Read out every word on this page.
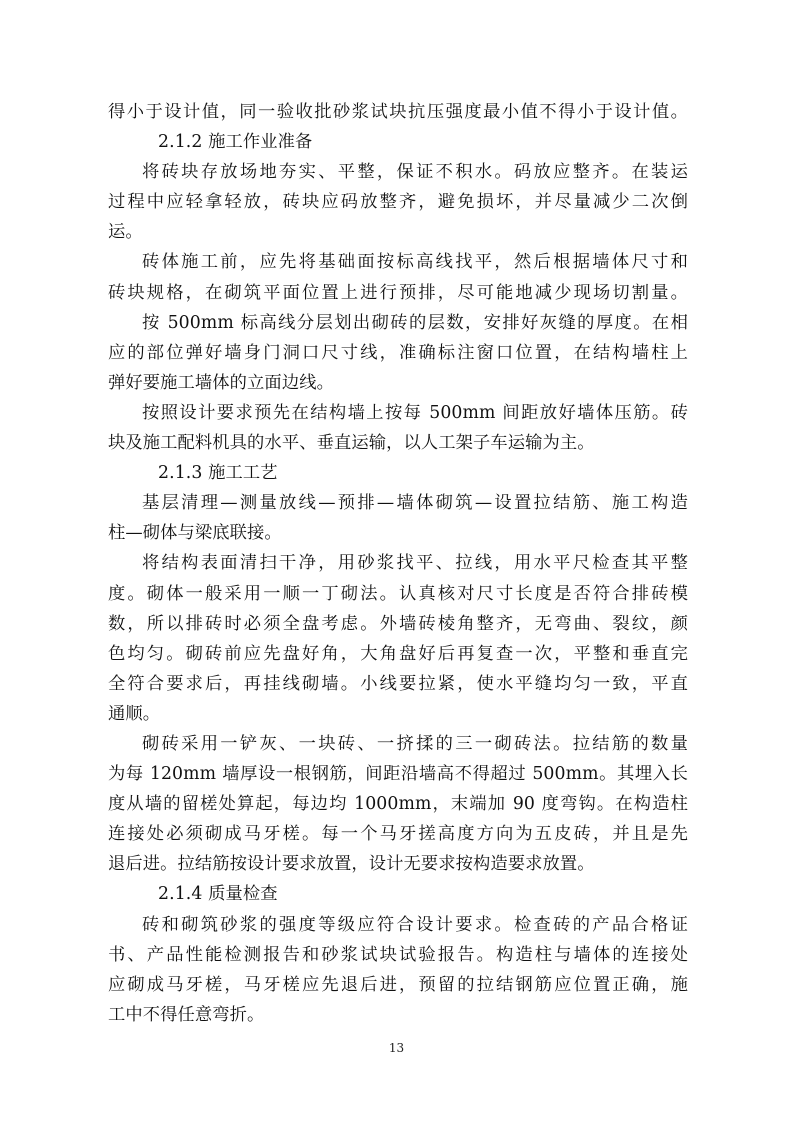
得小于设计值，同一验收批砂浆试块抗压强度最小值不得小于设计值。
2.1.2 施工作业准备
将砖块存放场地夯实、平整，保证不积水。码放应整齐。在装运
过程中应轻拿轻放，砖块应码放整齐，避免损坏，并尽量减少二次倒
运。
砖体施工前，应先将基础面按标高线找平，然后根据墙体尺寸和
砖块规格，在砌筑平面位置上进行预排，尽可能地减少现场切割量。
按 500mm 标高线分层划出砌砖的层数，安排好灰缝的厚度。在相
应的部位弹好墙身门洞口尺寸线，准确标注窗口位置，在结构墙柱上
弹好要施工墙体的立面边线。
按照设计要求预先在结构墙上按每 500mm 间距放好墙体压筋。砖
块及施工配料机具的水平、垂直运输，以人工架子车运输为主。
2.1.3 施工工艺
基层清理—测量放线—预排—墙体砌筑—设置拉结筋、施工构造
柱—砌体与梁底联接。
将结构表面清扫干净，用砂浆找平、拉线，用水平尺检查其平整
度。砌体一般采用一顺一丁砌法。认真核对尺寸长度是否符合排砖模
数，所以排砖时必须全盘考虑。外墙砖棱角整齐，无弯曲、裂纹，颜
色均匀。砌砖前应先盘好角，大角盘好后再复查一次，平整和垂直完
全符合要求后，再挂线砌墙。小线要拉紧，使水平缝均匀一致，平直
通顺。
砌砖采用一铲灰、一块砖、一挤揉的三一砌砖法。拉结筋的数量
为每 120mm 墙厚设一根钢筋，间距沿墙高不得超过 500mm。其埋入长
度从墙的留槎处算起，每边均 1000mm，末端加 90 度弯钩。在构造柱
连接处必须砌成马牙槎。每一个马牙搓高度方向为五皮砖，并且是先
退后进。拉结筋按设计要求放置，设计无要求按构造要求放置。
2.1.4 质量检查
砖和砌筑砂浆的强度等级应符合设计要求。检查砖的产品合格证
书、产品性能检测报告和砂浆试块试验报告。构造柱与墙体的连接处
应砌成马牙槎，马牙槎应先退后进，预留的拉结钢筋应位置正确，施
工中不得任意弯折。
13
